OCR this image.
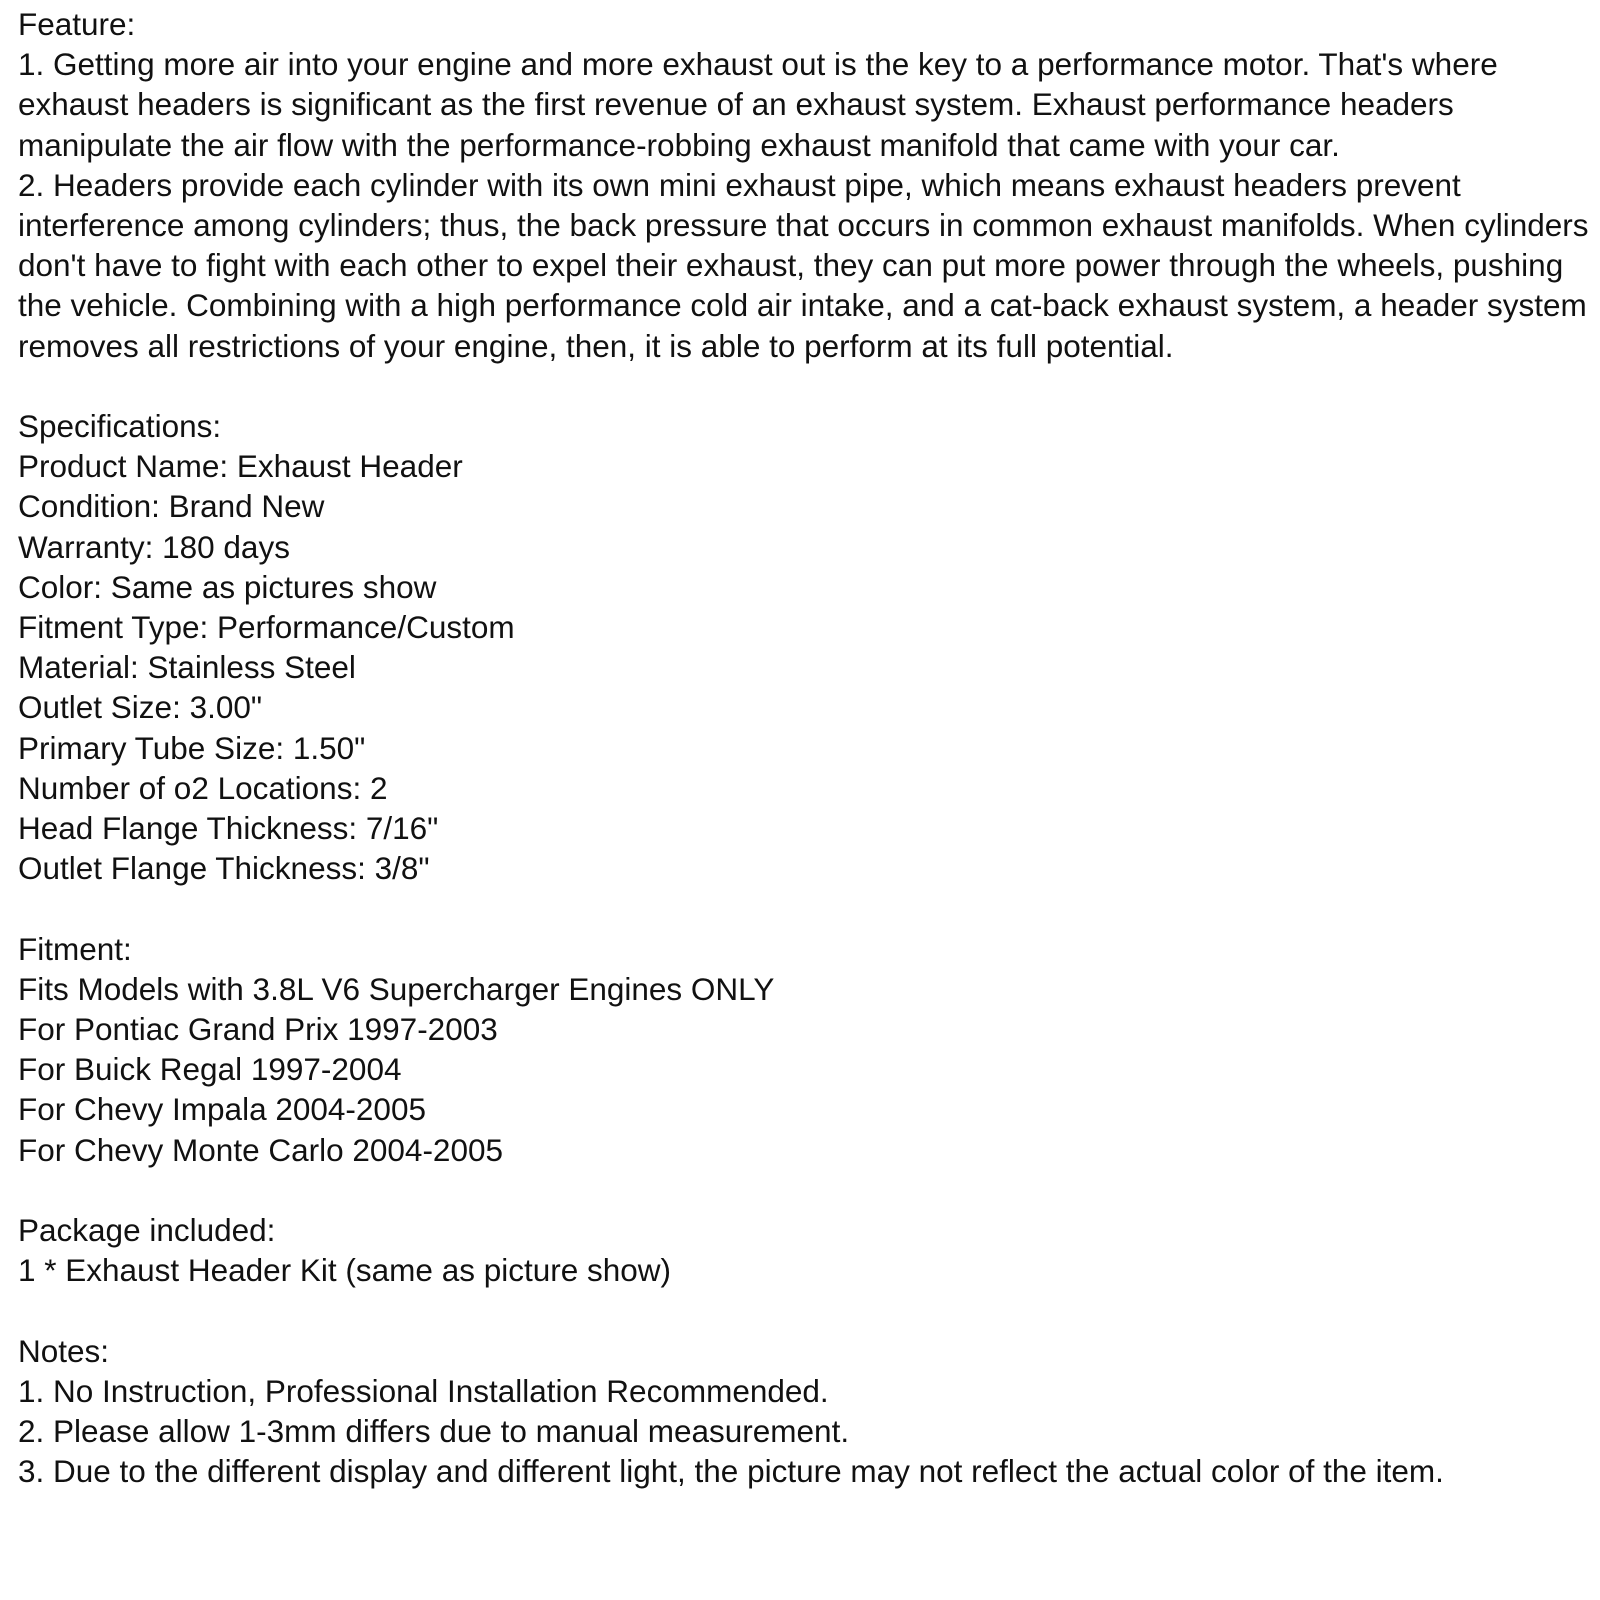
Feature:
1. Getting more air into your engine and more exhaust out is the key to a performance motor. That's where exhaust headers is significant as the first revenue of an exhaust system. Exhaust performance headers manipulate the air flow with the performance-robbing exhaust manifold that came with your car.
2. Headers provide each cylinder with its own mini exhaust pipe, which means exhaust headers prevent interference among cylinders; thus, the back pressure that occurs in common exhaust manifolds. When cylinders don't have to fight with each other to expel their exhaust, they can put more power through the wheels, pushing the vehicle. Combining with a high performance cold air intake, and a cat-back exhaust system, a header system removes all restrictions of your engine, then, it is able to perform at its full potential.
Specifications:
Product Name: Exhaust Header
Condition: Brand New
Warranty: 180 days
Color: Same as pictures show
Fitment Type: Performance/Custom
Material: Stainless Steel
Outlet Size: 3.00"
Primary Tube Size: 1.50"
Number of o2 Locations: 2
Head Flange Thickness: 7/16"
Outlet Flange Thickness: 3/8"
Fitment:
Fits Models with 3.8L V6 Supercharger Engines ONLY
For Pontiac Grand Prix 1997-2003
For Buick Regal 1997-2004
For Chevy Impala 2004-2005
For Chevy Monte Carlo 2004-2005
Package included:
1 * Exhaust Header Kit (same as picture show)
Notes:
1. No Instruction, Professional Installation Recommended.
2. Please allow 1-3mm differs due to manual measurement.
3. Due to the different display and different light, the picture may not reflect the actual color of the item.
